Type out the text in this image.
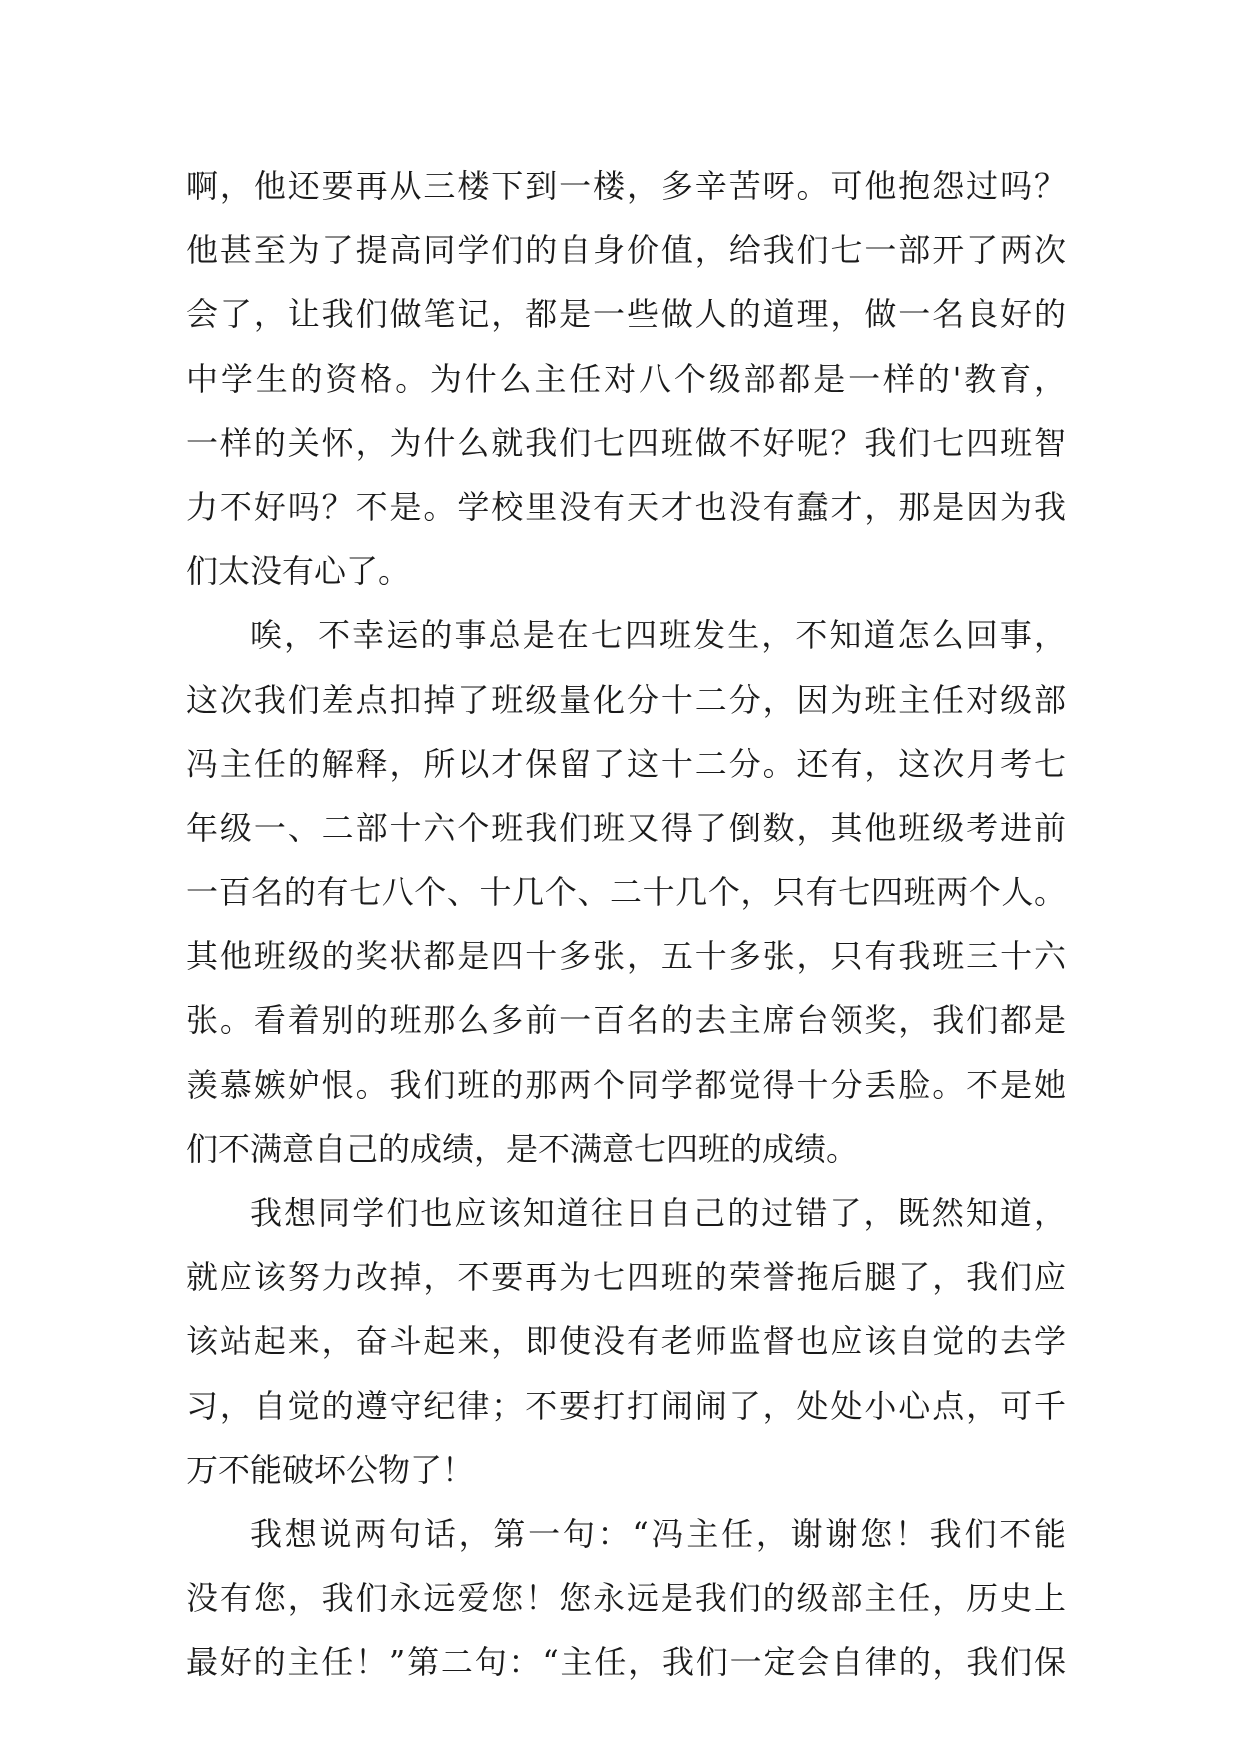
啊，他还要再从三楼下到一楼，多辛苦呀。可他抱怨过吗？
他甚至为了提高同学们的自身价值，给我们七一部开了两次
会了，让我们做笔记，都是一些做人的道理，做一名良好的
中学生的资格。为什么主任对八个级部都是一样的'教育，
一样的关怀，为什么就我们七四班做不好呢？我们七四班智
力不好吗？不是。学校里没有天才也没有蠢才，那是因为我
们太没有心了。
唉，不幸运的事总是在七四班发生，不知道怎么回事，
这次我们差点扣掉了班级量化分十二分，因为班主任对级部
冯主任的解释，所以才保留了这十二分。还有，这次月考七
年级一、二部十六个班我们班又得了倒数，其他班级考进前
一百名的有七八个、十几个、二十几个，只有七四班两个人。
其他班级的奖状都是四十多张，五十多张，只有我班三十六
张。看着别的班那么多前一百名的去主席台领奖，我们都是
羡慕嫉妒恨。我们班的那两个同学都觉得十分丢脸。不是她
们不满意自己的成绩，是不满意七四班的成绩。
我想同学们也应该知道往日自己的过错了，既然知道，
就应该努力改掉，不要再为七四班的荣誉拖后腿了，我们应
该站起来，奋斗起来，即使没有老师监督也应该自觉的去学
习，自觉的遵守纪律；不要打打闹闹了，处处小心点，可千
万不能破坏公物了！
我想说两句话，第一句：“冯主任，谢谢您！我们不能
没有您，我们永远爱您！您永远是我们的级部主任，历史上
最好的主任！”第二句：“主任，我们一定会自律的，我们保
